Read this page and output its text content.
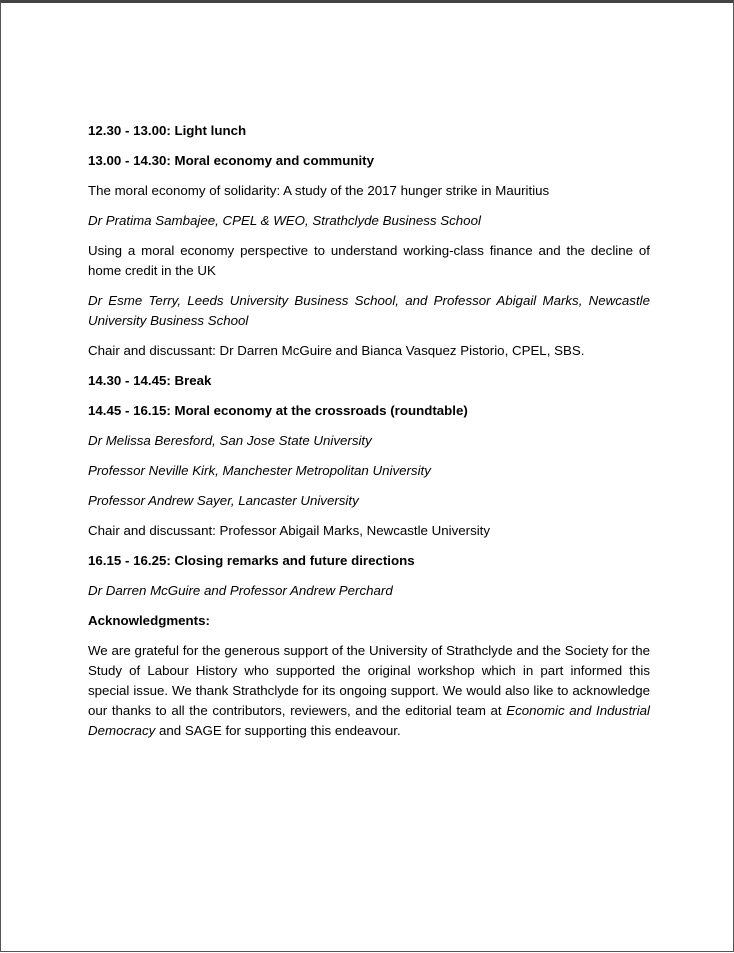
12.30 - 13.00: Light lunch

13.00 - 14.30: Moral economy and community

The moral economy of solidarity: A study of the 2017 hunger strike in Mauritius

Dr Pratima Sambajee, CPEL & WEO, Strathclyde Business School

Using a moral economy perspective to understand working-class finance and the decline of home credit in the UK

Dr Esme Terry, Leeds University Business School, and Professor Abigail Marks, Newcastle University Business School

Chair and discussant: Dr Darren McGuire and Bianca Vasquez Pistorio, CPEL, SBS.

14.30 - 14.45: Break

14.45 - 16.15: Moral economy at the crossroads (roundtable)

Dr Melissa Beresford, San Jose State University

Professor Neville Kirk, Manchester Metropolitan University

Professor Andrew Sayer, Lancaster University

Chair and discussant: Professor Abigail Marks, Newcastle University

16.15 - 16.25: Closing remarks and future directions

Dr Darren McGuire and Professor Andrew Perchard

Acknowledgments:

We are grateful for the generous support of the University of Strathclyde and the Society for the Study of Labour History who supported the original workshop which in part informed this special issue. We thank Strathclyde for its ongoing support. We would also like to acknowledge our thanks to all the contributors, reviewers, and the editorial team at Economic and Industrial Democracy and SAGE for supporting this endeavour.
